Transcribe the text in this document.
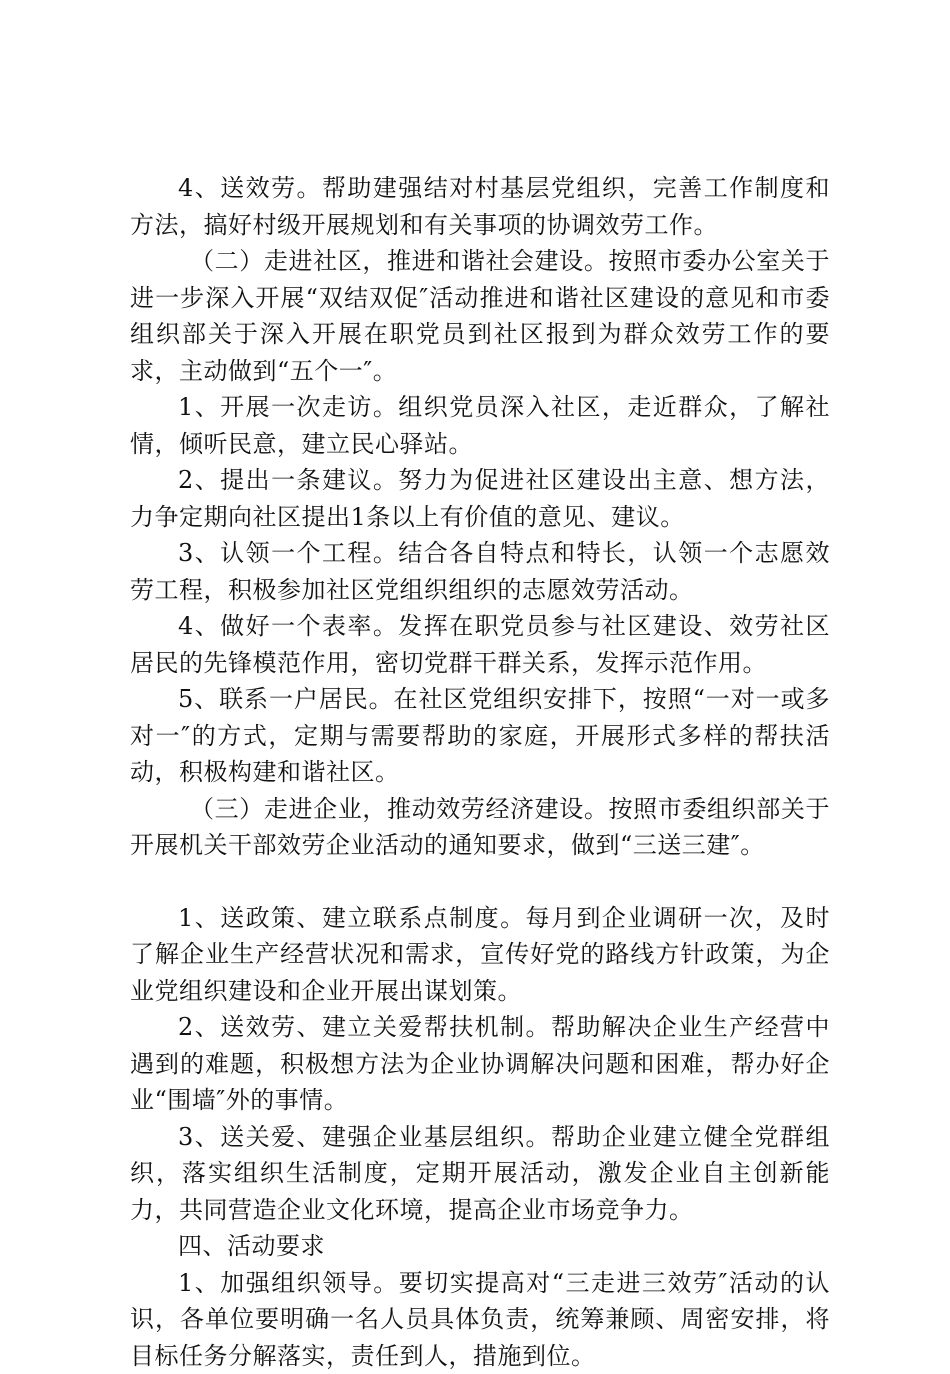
4、送效劳。帮助建强结对村基层党组织，完善工作制度和方法，搞好村级开展规划和有关事项的协调效劳工作。

（二）走进社区，推进和谐社会建设。按照市委办公室关于进一步深入开展“双结双促″活动推进和谐社区建设的意见和市委组织部关于深入开展在职党员到社区报到为群众效劳工作的要求，主动做到“五个一″。

1、开展一次走访。组织党员深入社区，走近群众，了解社情，倾听民意，建立民心驿站。

2、提出一条建议。努力为促进社区建设出主意、想方法，力争定期向社区提出1条以上有价值的意见、建议。

3、认领一个工程。结合各自特点和特长，认领一个志愿效劳工程，积极参加社区党组织组织的志愿效劳活动。

4、做好一个表率。发挥在职党员参与社区建设、效劳社区居民的先锋模范作用，密切党群干群关系，发挥示范作用。

5、联系一户居民。在社区党组织安排下，按照“一对一或多对一″的方式，定期与需要帮助的家庭，开展形式多样的帮扶活动，积极构建和谐社区。

（三）走进企业，推动效劳经济建设。按照市委组织部关于开展机关干部效劳企业活动的通知要求，做到“三送三建″。

1、送政策、建立联系点制度。每月到企业调研一次，及时了解企业生产经营状况和需求，宣传好党的路线方针政策，为企业党组织建设和企业开展出谋划策。

2、送效劳、建立关爱帮扶机制。帮助解决企业生产经营中遇到的难题，积极想方法为企业协调解决问题和困难，帮办好企业“围墙″外的事情。

3、送关爱、建强企业基层组织。帮助企业建立健全党群组织，落实组织生活制度，定期开展活动，激发企业自主创新能力，共同营造企业文化环境，提高企业市场竞争力。

四、活动要求

1、加强组织领导。要切实提高对“三走进三效劳″活动的认识，各单位要明确一名人员具体负责，统筹兼顾、周密安排，将目标任务分解落实，责任到人，措施到位。
